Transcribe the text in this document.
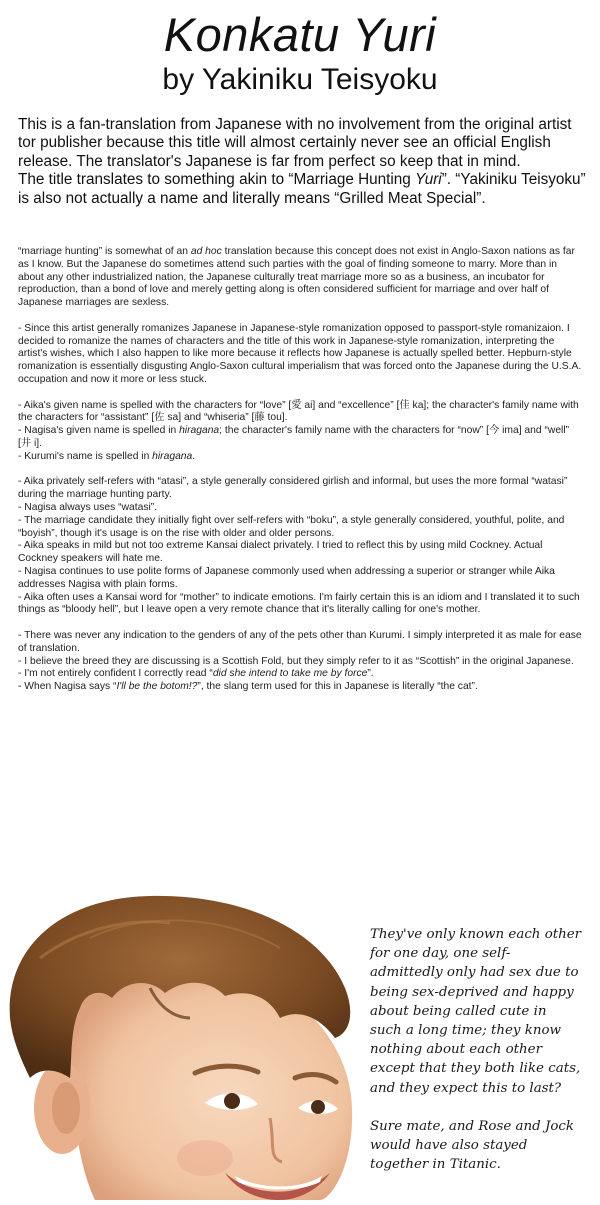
Konkatu Yuri
by Yakiniku Teisyoku

This is a fan-translation from Japanese with no involvement from the original artist tor publisher because this title will almost certainly never see an official English release. The translator's Japanese is far from perfect so keep that in mind.

The title translates to something akin to “Marriage Hunting Yuri”. “Yakiniku Teisyoku” is also not actually a name and literally means “Grilled Meat Special”.

“marriage hunting” is somewhat of an ad hoc translation because this concept does not exist in Anglo-Saxon nations as far as I know. But the Japanese do sometimes attend such parties with the goal of finding someone to marry. More than in about any other industrialized nation, the Japanese culturally treat marriage more so as a business, an incubator for reproduction, than a bond of love and merely getting along is often considered sufficient for marriage and over half of Japanese marriages are sexless.

- Since this artist generally romanizes Japanese in Japanese-style romanization opposed to passport-style romanizaion. I decided to romanize the names of characters and the title of this work in Japanese-style romanization, interpreting the artist's wishes, which I also happen to like more because it reflects how Japanese is actually spelled better. Hepburn-style romanization is essentially disgusting Anglo-Saxon cultural imperialism that was forced onto the Japanese during the U.S.A. occupation and now it more or less stuck.

- Aika's given name is spelled with the characters for “love” [愛 ai] and “excellence” [佳 ka]; the character's family name with the characters for “assistant” [佐 sa] and “whiseria” [藤 tou].

- Nagisa's given name is spelled in hiragana; the character's family name with the characters for “now” [今 ima] and “well” [井 i].

- Kurumi's name is spelled in hiragana.

- Aika privately self-refers with “atasi”, a style generally considered girlish and informal, but uses the more formal “watasi” during the marriage hunting party.

- Nagisa always uses “watasi”.

- The marriage candidate they initially fight over self-refers with “boku”, a style generally considered, youthful, polite, and “boyish”, though it's usage is on the rise with older and older persons.

- Aika speaks in mild but not too extreme Kansai dialect privately. I tried to reflect this by using mild Cockney. Actual Cockney speakers will hate me.

- Nagisa continues to use polite forms of Japanese commonly used when addressing a superior or stranger while Aika addresses Nagisa with plain forms.

- Aika often uses a Kansai word for “mother” to indicate emotions. I'm fairly certain this is an idiom and I translated it to such things as “bloody hell”, but I leave open a very remote chance that it's literally calling for one's mother.

- There was never any indication to the genders of any of the pets other than Kurumi. I simply interpreted it as male for ease of translation.

- I believe the breed they are discussing is a Scottish Fold, but they simply refer to it as “Scottish” in the original Japanese.

- I'm not entirely confident I correctly read “did she intend to take me by force”.

- When Nagisa says “I'll be the botom!?”, the slang term used for this in Japanese is literally “the cat”.

They've only known each other for one day, one self-admittedly only had sex due to being sex-deprived and happy about being called cute in such a long time; they know nothing about each other except that they both like cats, and they expect this to last?

Sure mate, and Rose and Jock would have also stayed together in Titanic.
